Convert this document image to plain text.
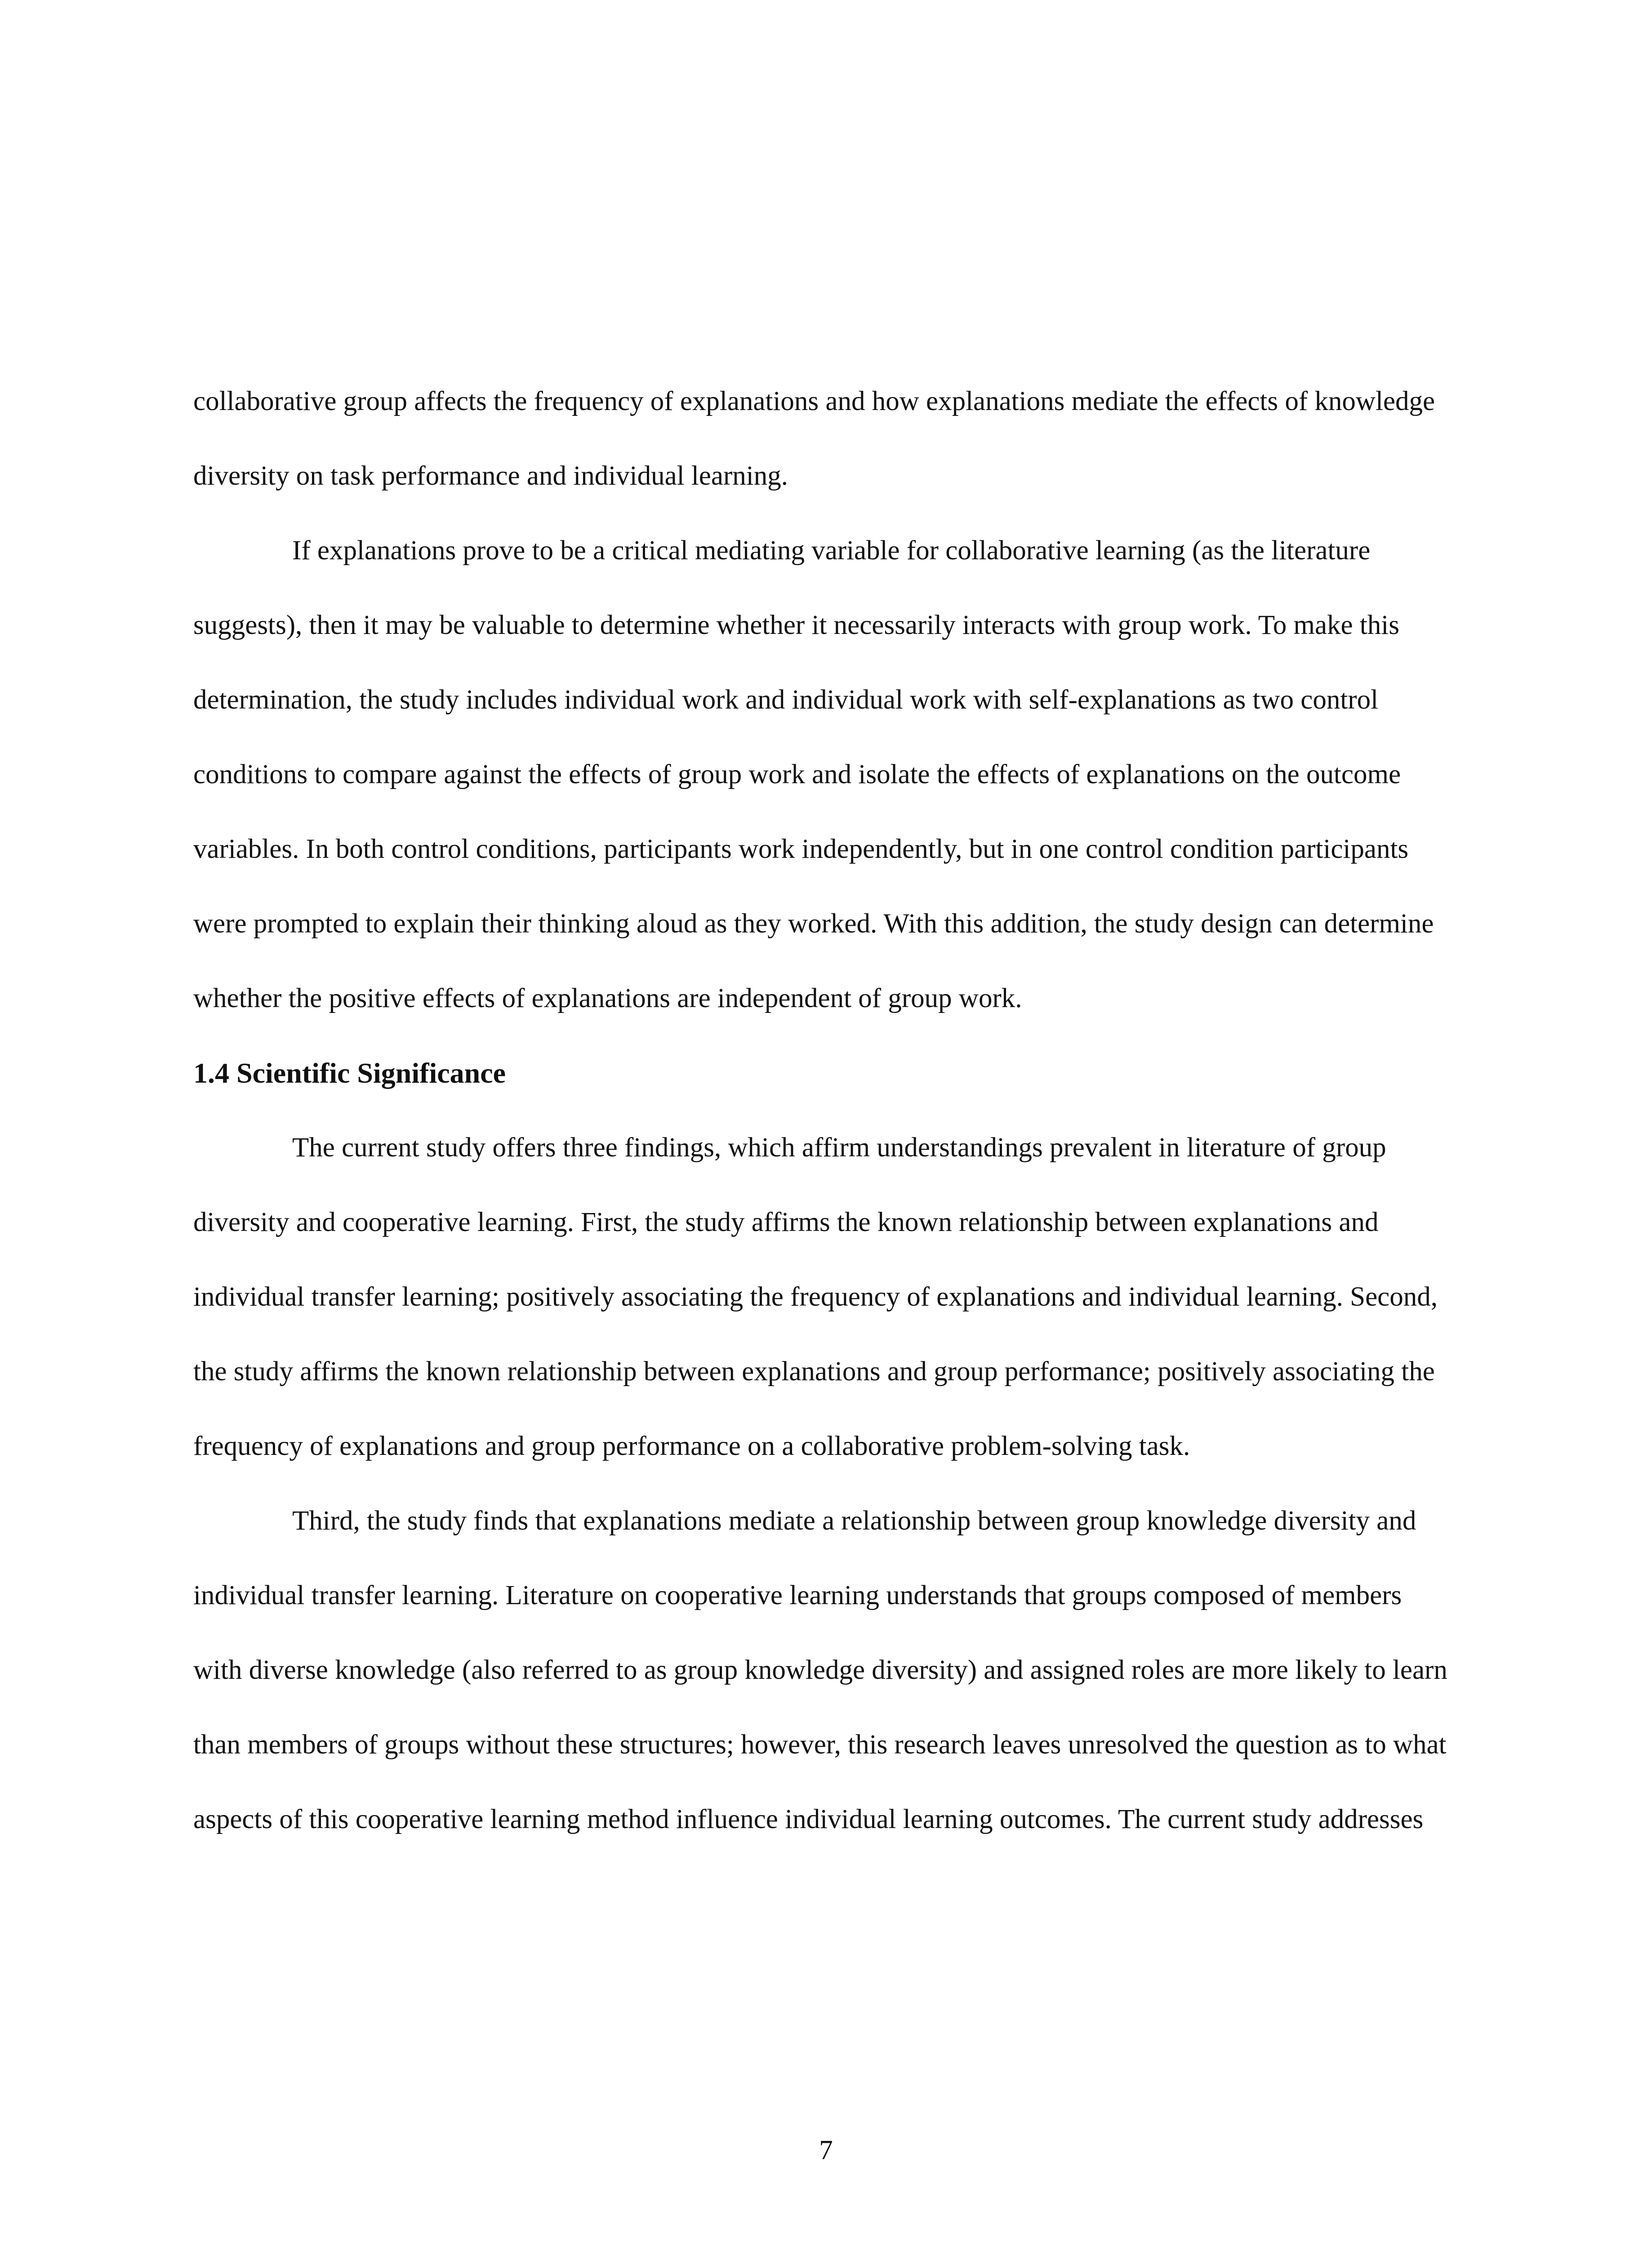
collaborative group affects the frequency of explanations and how explanations mediate the effects of knowledge diversity on task performance and individual learning.

If explanations prove to be a critical mediating variable for collaborative learning (as the literature suggests), then it may be valuable to determine whether it necessarily interacts with group work. To make this determination, the study includes individual work and individual work with self-explanations as two control conditions to compare against the effects of group work and isolate the effects of explanations on the outcome variables. In both control conditions, participants work independently, but in one control condition participants were prompted to explain their thinking aloud as they worked. With this addition, the study design can determine whether the positive effects of explanations are independent of group work.

1.4 Scientific Significance

The current study offers three findings, which affirm understandings prevalent in literature of group diversity and cooperative learning. First, the study affirms the known relationship between explanations and individual transfer learning; positively associating the frequency of explanations and individual learning. Second, the study affirms the known relationship between explanations and group performance; positively associating the frequency of explanations and group performance on a collaborative problem-solving task.

Third, the study finds that explanations mediate a relationship between group knowledge diversity and individual transfer learning. Literature on cooperative learning understands that groups composed of members with diverse knowledge (also referred to as group knowledge diversity) and assigned roles are more likely to learn than members of groups without these structures; however, this research leaves unresolved the question as to what aspects of this cooperative learning method influence individual learning outcomes. The current study addresses

7
